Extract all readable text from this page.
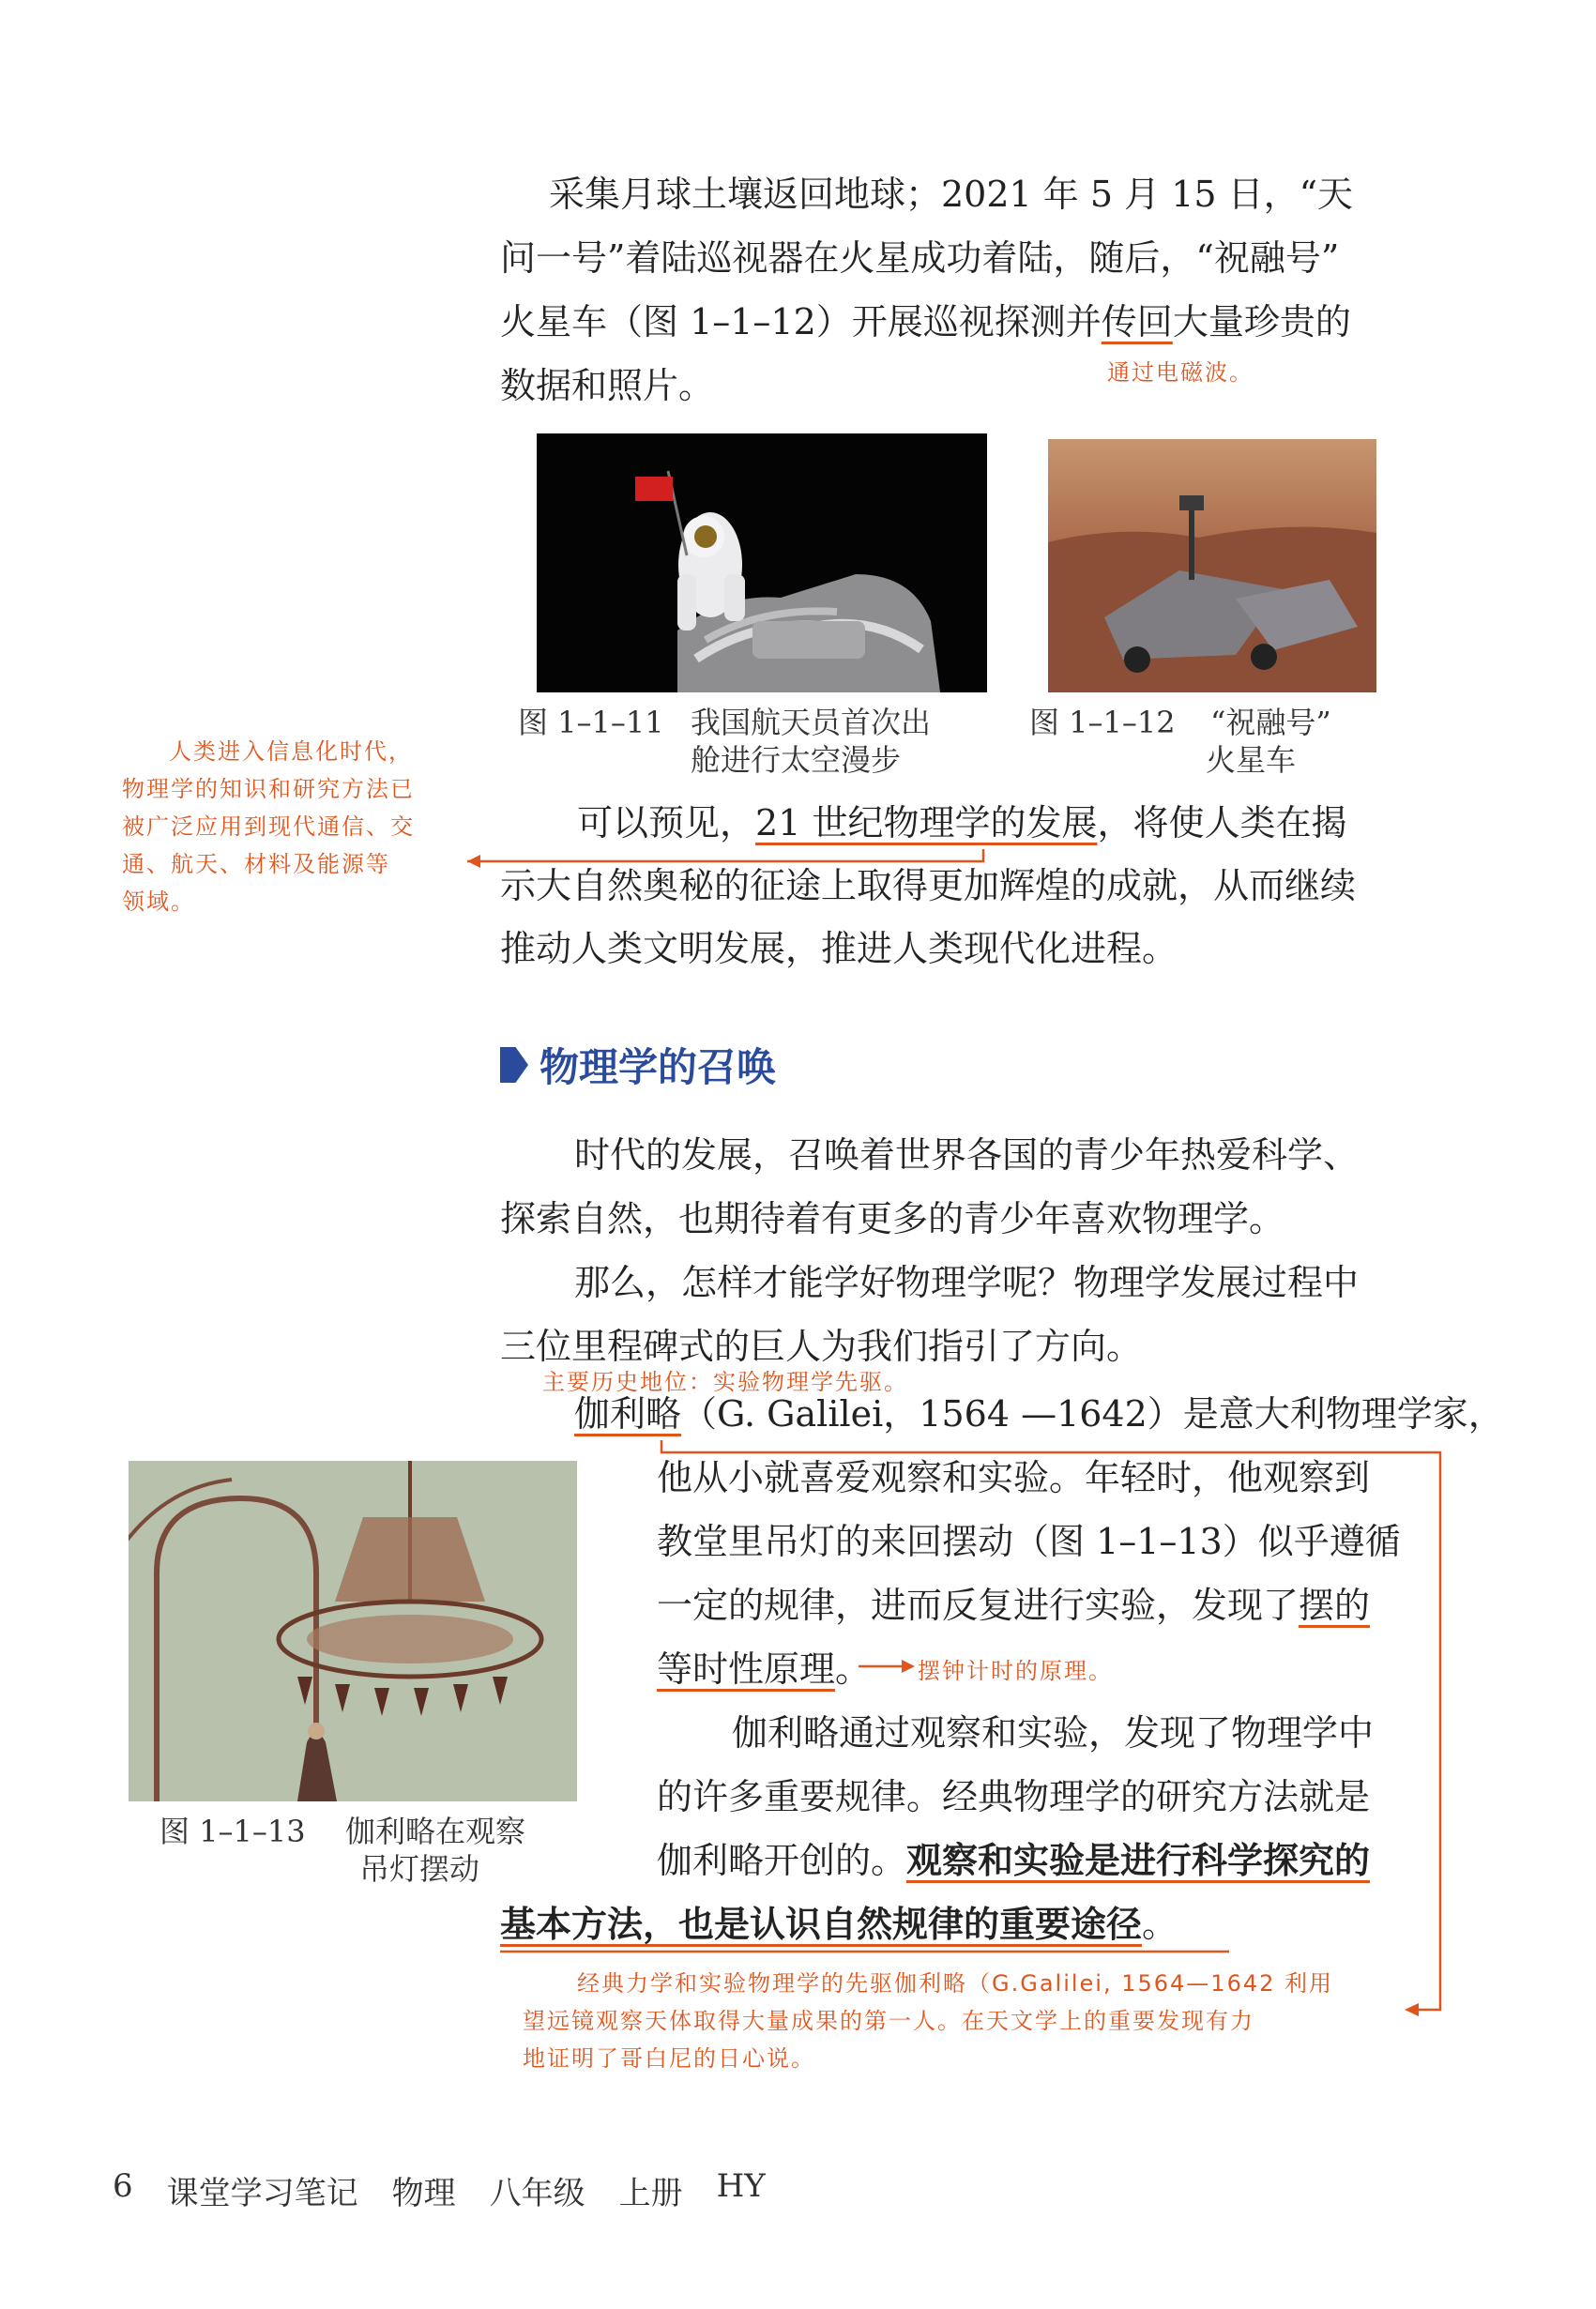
采集月球土壤返回地球；2021 年 5 月 15 日，“天
问一号”着陆巡视器在火星成功着陆，随后，“祝融号”
火星车（图 1–1–12）开展巡视探测并传回大量珍贵的
数据和照片。	通过电磁波。
图 1–1–11 我国航天员首次出
舱进行太空漫步
图 1–1–12 “祝融号”
火星车
人类进入信息化时代，
物理学的知识和研究方法已
被广泛应用到现代通信、交
通、航天、材料及能源等
领域。
可以预见，21 世纪物理学的发展，将使人类在揭
示大自然奥秘的征途上取得更加辉煌的成就，从而继续
推动人类文明发展，推进人类现代化进程。
物理学的召唤
时代的发展，召唤着世界各国的青少年热爱科学、
探索自然，也期待着有更多的青少年喜欢物理学。
那么，怎样才能学好物理学呢？物理学发展过程中
三位里程碑式的巨人为我们指引了方向。
主要历史地位：实验物理学先驱。
伽利略（G. Galilei，1564 —1642）是意大利物理学家，
他从小就喜爱观察和实验。年轻时，他观察到
教堂里吊灯的来回摆动（图 1–1–13）似乎遵循
一定的规律，进而反复进行实验，发现了摆的
等时性原理。 摆钟计时的原理。
图 1–1–13 伽利略在观察
吊灯摆动
伽利略通过观察和实验，发现了物理学中
的许多重要规律。经典物理学的研究方法就是
伽利略开创的。观察和实验是进行科学探究的
基本方法，也是认识自然规律的重要途径。
经典力学和实验物理学的先驱伽利略（G.Galilei, 1564—1642 利用
望远镜观察天体取得大量成果的第一人。在天文学上的重要发现有力
地证明了哥白尼的日心说。
6 课堂学习笔记 物理 八年级 上册 HY
